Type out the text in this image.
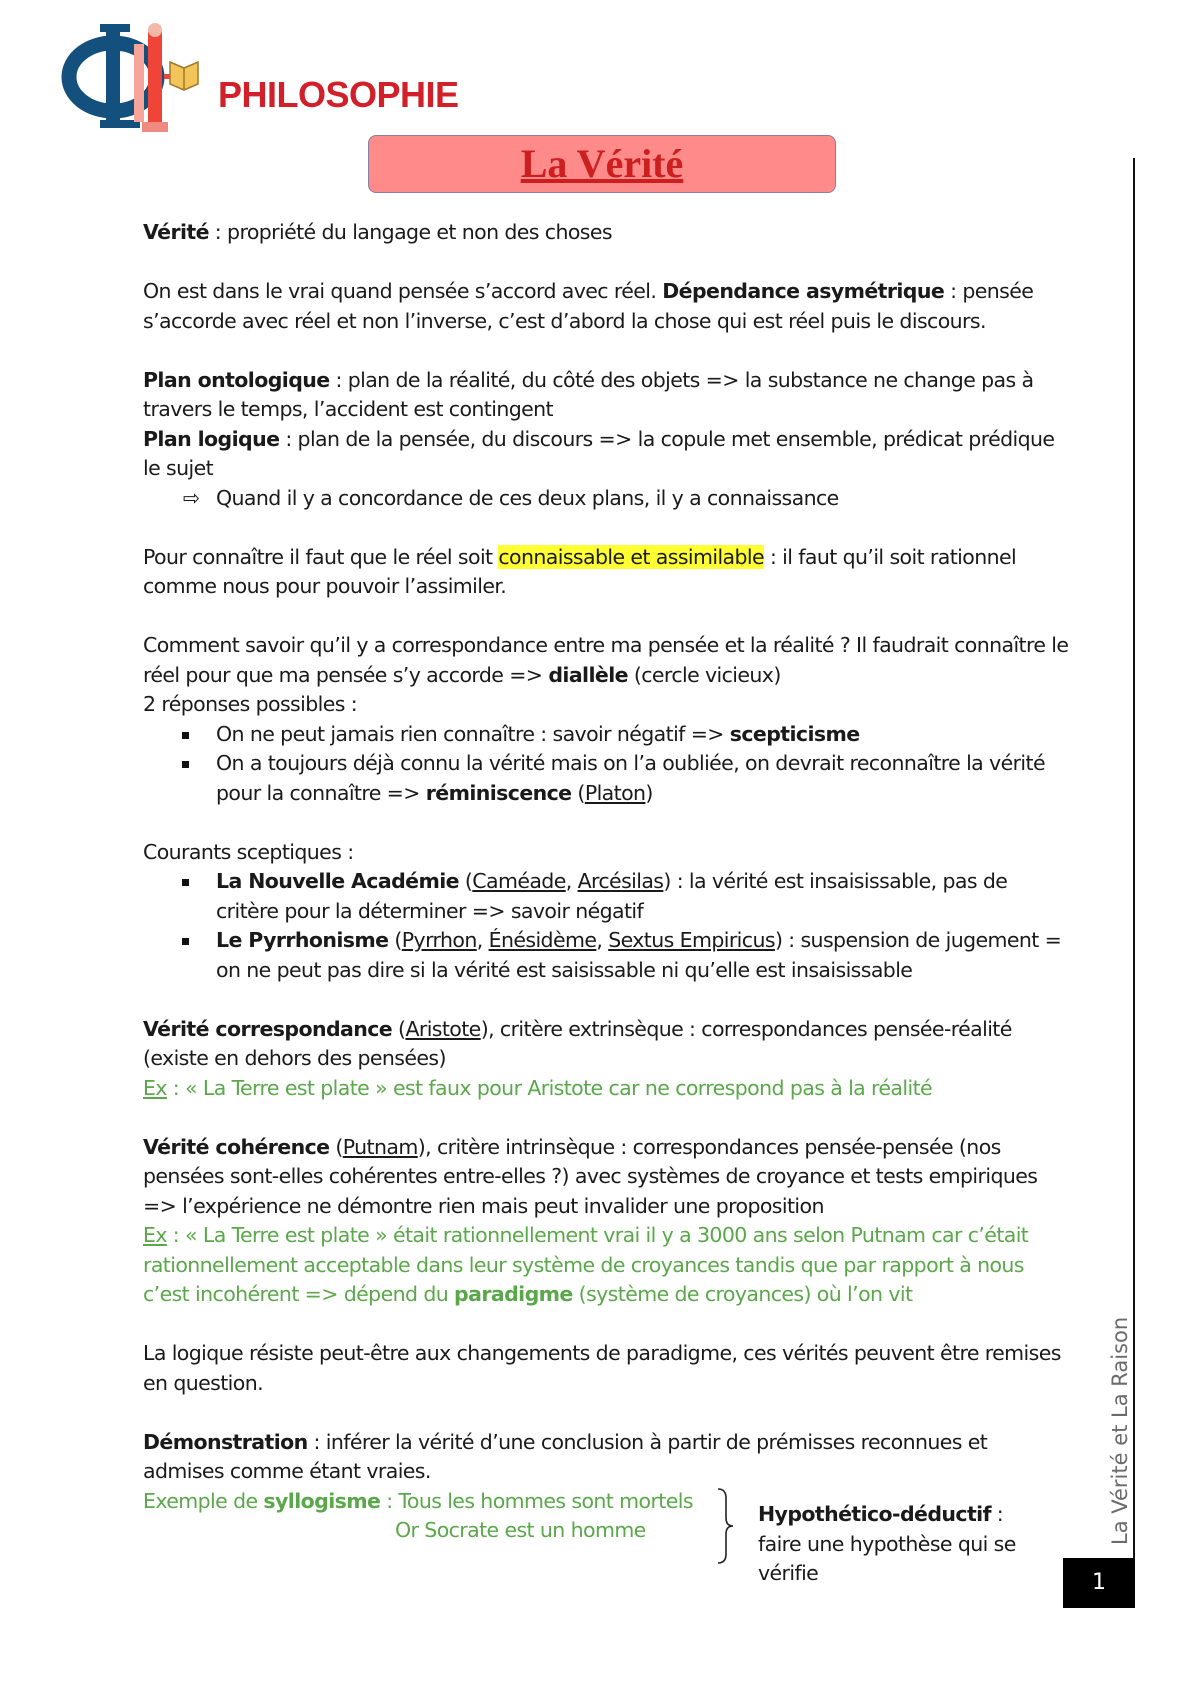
PHILOSOPHIE
La Vérité

Vérité : propriété du langage et non des choses

On est dans le vrai quand pensée s’accord avec réel. Dépendance asymétrique : pensée s’accorde avec réel et non l’inverse, c’est d’abord la chose qui est réel puis le discours.

Plan ontologique : plan de la réalité, du côté des objets => la substance ne change pas à travers le temps, l’accident est contingent

Plan logique : plan de la pensée, du discours => la copule met ensemble, prédicat prédique le sujet

⇨ Quand il y a concordance de ces deux plans, il y a connaissance

Pour connaître il faut que le réel soit connaissable et assimilable : il faut qu’il soit rationnel comme nous pour pouvoir l’assimiler.

Comment savoir qu’il y a correspondance entre ma pensée et la réalité ? Il faudrait connaître le réel pour que ma pensée s’y accorde => diallèle (cercle vicieux)

2 réponses possibles :

On ne peut jamais rien connaître : savoir négatif => scepticisme
On a toujours déjà connu la vérité mais on l’a oubliée, on devrait reconnaître la vérité pour la connaître => réminiscence (Platon)

Courants sceptiques :

La Nouvelle Académie (Caméade, Arcésilas) : la vérité est insaisissable, pas de critère pour la déterminer => savoir négatif
Le Pyrrhonisme (Pyrrhon, Énésidème, Sextus Empiricus) : suspension de jugement = on ne peut pas dire si la vérité est saisissable ni qu’elle est insaisissable

Vérité correspondance (Aristote), critère extrinsèque : correspondances pensée-réalité (existe en dehors des pensées)

Ex : « La Terre est plate » est faux pour Aristote car ne correspond pas à la réalité

Vérité cohérence (Putnam), critère intrinsèque : correspondances pensée-pensée (nos pensées sont-elles cohérentes entre-elles ?) avec systèmes de croyance et tests empiriques => l’expérience ne démontre rien mais peut invalider une proposition

Ex : « La Terre est plate » était rationnellement vrai il y a 3000 ans selon Putnam car c’était rationnellement acceptable dans leur système de croyances tandis que par rapport à nous c’est incohérent => dépend du paradigme (système de croyances) où l’on vit

La logique résiste peut-être aux changements de paradigme, ces vérités peuvent être remises en question.

Démonstration : inférer la vérité d’une conclusion à partir de prémisses reconnues et admises comme étant vraies.

Exemple de syllogisme : Tous les hommes sont mortels

Or Socrate est un homme
Hypothético-déductif : faire une hypothèse qui se vérifie
La Vérité et La Raison
1
